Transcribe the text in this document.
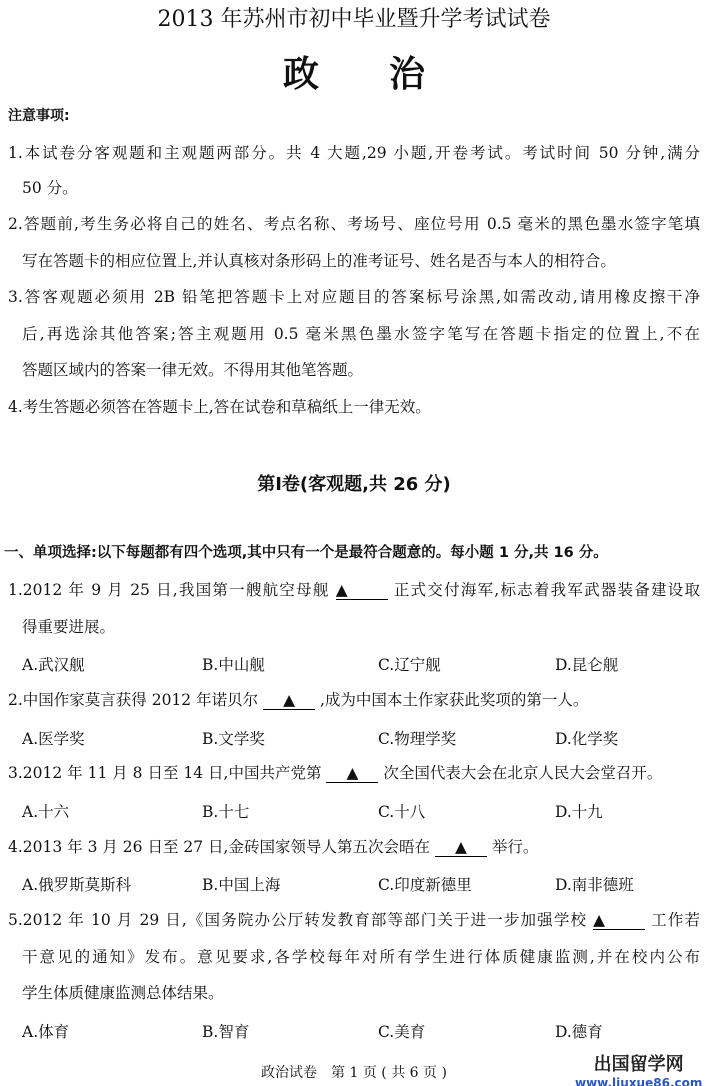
2013 年苏州市初中毕业暨升学考试试卷
政治
注意事项:
1.本试卷分客观题和主观题两部分。共 4 大题,29 小题,开卷考试。考试时间 50 分钟,满分
50 分。
2.答题前,考生务必将自己的姓名、考点名称、考场号、座位号用 0.5 毫米的黑色墨水签字笔填
写在答题卡的相应位置上,并认真核对条形码上的准考证号、姓名是否与本人的相符合。
3.答客观题必须用 2B 铅笔把答题卡上对应题目的答案标号涂黑,如需改动,请用橡皮擦干净
后,再选涂其他答案;答主观题用 0.5 毫米黑色墨水签字笔写在答题卡指定的位置上,不在
答题区域内的答案一律无效。不得用其他笔答题。
4.考生答题必须答在答题卡上,答在试卷和草稿纸上一律无效。
第Ⅰ卷(客观题,共 26 分)
一、单项选择:以下每题都有四个选项,其中只有一个是最符合题意的。每小题 1 分,共 16 分。
1.2012 年 9 月 25 日,我国第一艘航空母舰 ▲	正式交付海军,标志着我军武器装备建设取
得重要进展。
A.武汉舰	B.中山舰	C.辽宁舰	D.昆仑舰
2.中国作家莫言获得 2012 年诺贝尔 ▲ ,成为中国本土作家获此奖项的第一人。
A.医学奖	B.文学奖	C.物理学奖	D.化学奖
3.2012 年 11 月 8 日至 14 日,中国共产党第 ▲ 次全国代表大会在北京人民大会堂召开。
A.十六	B.十七	C.十八	D.十九
4.2013 年 3 月 26 日至 27 日,金砖国家领导人第五次会晤在 ▲ 举行。
A.俄罗斯莫斯科	B.中国上海	C.印度新德里	D.南非德班
5.2012 年 10 月 29 日,《国务院办公厅转发教育部等部门关于进一步加强学校 ▲	工作若
干意见的通知》发布。意见要求,各学校每年对所有学生进行体质健康监测,并在校内公布
学生体质健康监测总体结果。
A.体育	B.智育	C.美育	D.德育
政治试卷　第 1 页 ( 共 6 页 )	出国留学网
www.liuxue86.com
